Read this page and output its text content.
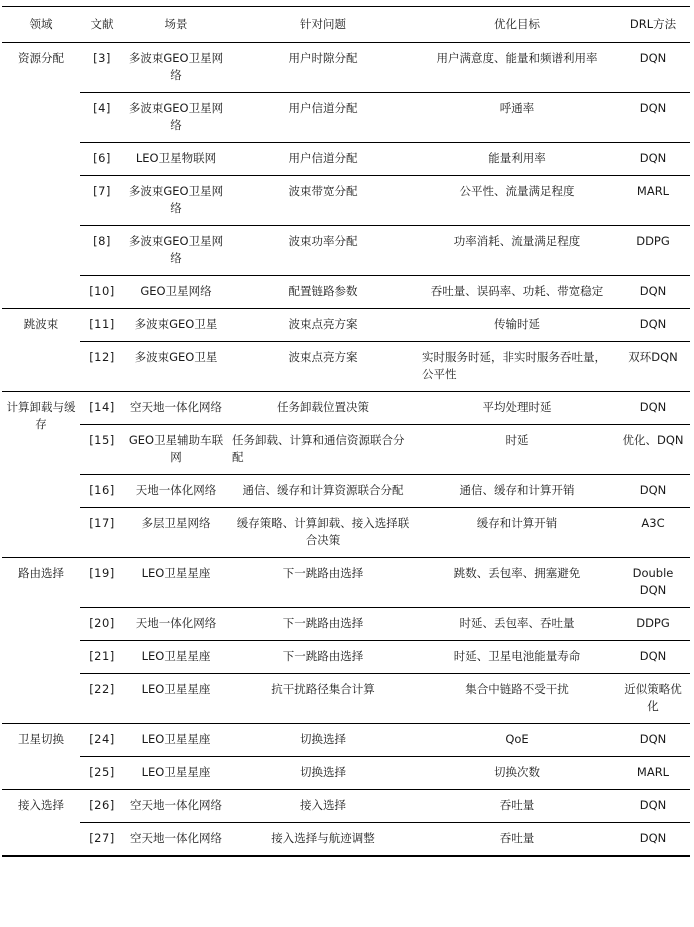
领域	文献	场景	针对问题	优化目标	DRL方法
资源分配	[3]	多波束GEO卫星网络	用户时隙分配	用户满意度、能量和频谱利用率	DQN
	[4]	多波束GEO卫星网络	用户信道分配	呼通率	DQN
	[6]	LEO卫星物联网	用户信道分配	能量利用率	DQN
	[7]	多波束GEO卫星网络	波束带宽分配	公平性、流量满足程度	MARL
	[8]	多波束GEO卫星网络	波束功率分配	功率消耗、流量满足程度	DDPG
	[10]	GEO卫星网络	配置链路参数	吞吐量、误码率、功耗、带宽稳定	DQN
跳波束	[11]	多波束GEO卫星	波束点亮方案	传输时延	DQN
	[12]	多波束GEO卫星	波束点亮方案	实时服务时延，非实时服务吞吐量，公平性	双环DQN
计算卸载与缓存	[14]	空天地一体化网络	任务卸载位置决策	平均处理时延	DQN
	[15]	GEO卫星辅助车联网	任务卸载、计算和通信资源联合分配	时延	优化、DQN
	[16]	天地一体化网络	通信、缓存和计算资源联合分配	通信、缓存和计算开销	DQN
	[17]	多层卫星网络	缓存策略、计算卸载、接入选择联合决策	缓存和计算开销	A3C
路由选择	[19]	LEO卫星星座	下一跳路由选择	跳数、丢包率、拥塞避免	Double DQN
	[20]	天地一体化网络	下一跳路由选择	时延、丢包率、吞吐量	DDPG
	[21]	LEO卫星星座	下一跳路由选择	时延、卫星电池能量寿命	DQN
	[22]	LEO卫星星座	抗干扰路径集合计算	集合中链路不受干扰	近似策略优化
卫星切换	[24]	LEO卫星星座	切换选择	QoE	DQN
	[25]	LEO卫星星座	切换选择	切换次数	MARL
接入选择	[26]	空天地一体化网络	接入选择	吞吐量	DQN
	[27]	空天地一体化网络	接入选择与航迹调整	吞吐量	DQN
